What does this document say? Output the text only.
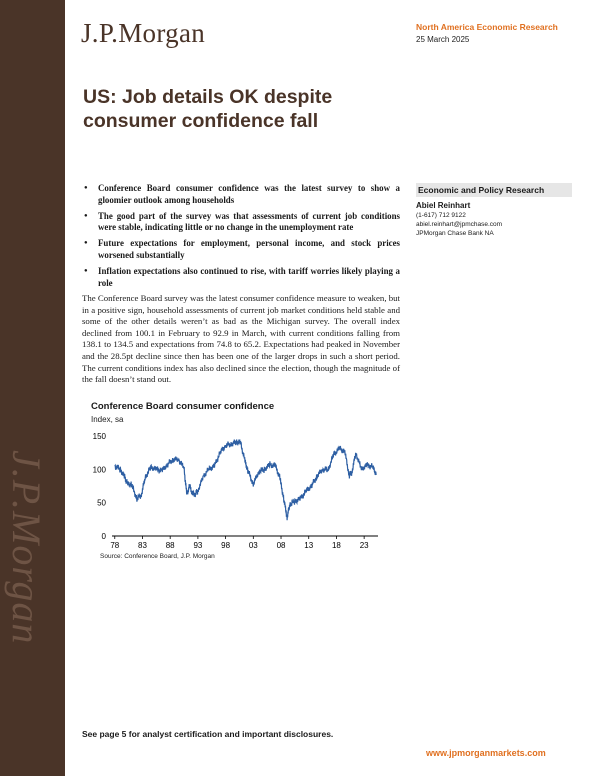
J.P.Morgan
J.P.Morgan	North America Economic Research
25 March 2025
US: Job details OK despite consumer confidence fall
● Conference Board consumer confidence was the latest survey to show a gloomier outlook among households
● The good part of the survey was that assessments of current job conditions were stable, indicating little or no change in the unemployment rate
● Future expectations for employment, personal income, and stock prices worsened substantially
● Inflation expectations also continued to rise, with tariff worries likely playing a role

The Conference Board survey was the latest consumer confidence measure to weaken, but in a positive sign, household assessments of current job market conditions held stable and some of the other details weren’t as bad as the Michigan survey. The overall index declined from 100.1 in February to 92.9 in March, with current conditions falling from 138.1 to 134.5 and expectations from 74.8 to 65.2. Expectations had peaked in November and the 28.5pt decline since then has been one of the larger drops in such a short period. The current conditions index has also declined since the election, though the magnitude of the fall doesn’t stand out.

Economic and Policy Research
Abiel Reinhart
(1-617) 712 9122
abiel.reinhart@jpmchase.com
JPMorgan Chase Bank NA
Conference Board consumer confidence
Index, sa
0
50
100
150
78 83 88 93 98 03 08 13 18 23
Source: Conference Board, J.P. Morgan
See page 5 for analyst certification and important disclosures.
www.jpmorganmarkets.com
